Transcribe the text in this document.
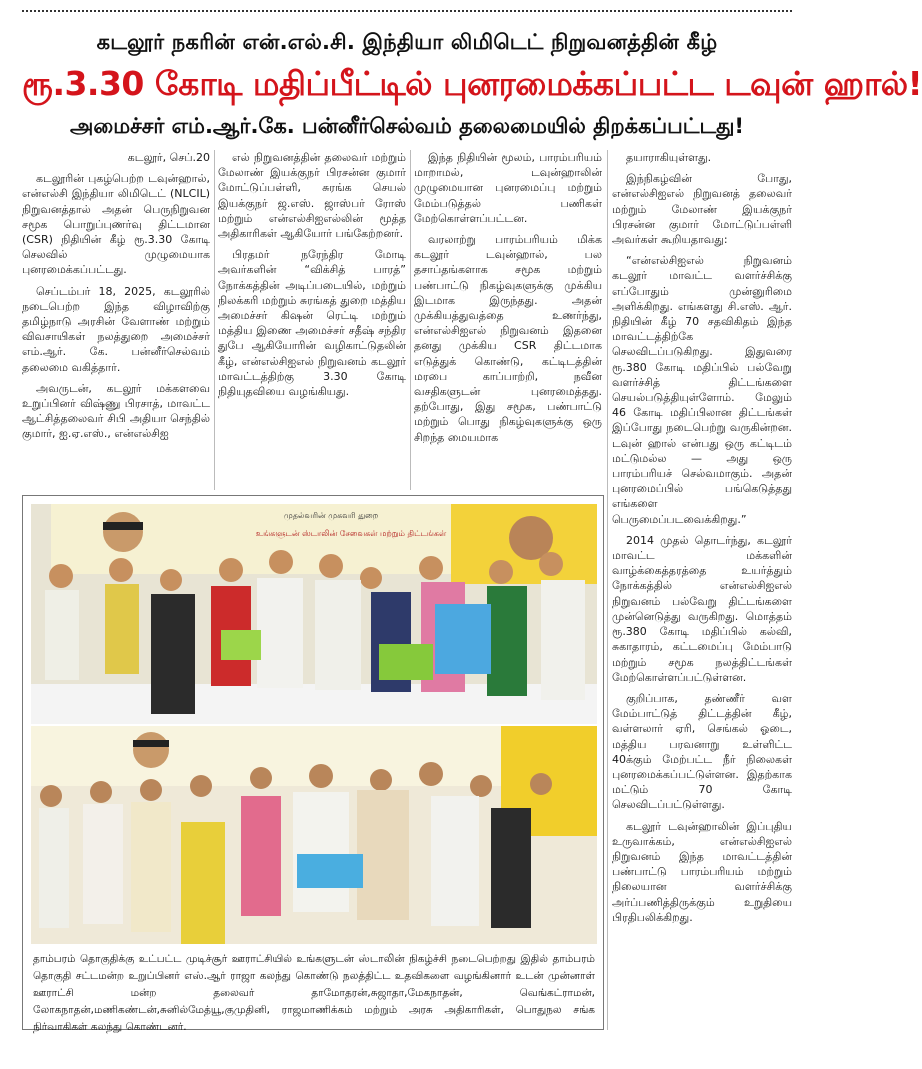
கடலூர் நகரின் என்.எல்.சி. இந்தியா லிமிடெட் நிறுவனத்தின் கீழ்
ரூ.3.30 கோடி மதிப்பீட்டில் புனரமைக்கப்பட்ட டவுன் ஹால்!
அமைச்சர் எம்.ஆர்.கே. பன்னீர்செல்வம் தலைமையில் திறக்கப்பட்டது!

கடலூர், செப்.20

கடலூரின் புகழ்பெற்ற டவுன்ஹால், என்எல்சி இந்தியா லிமிடெட் (NLCIL) நிறுவனத்தால் அதன் பெருநிறுவன சமூக பொறுப்புணர்வு திட்டமான (CSR) நிதியின் கீழ் ரூ.3.30 கோடி செலவில் முழுமையாக புனரமைக்கப்பட்டது.

செப்டம்பர் 18, 2025, கடலூரில் நடைபெற்ற இந்த விழாவிற்கு தமிழ்நாடு அரசின் வேளாண் மற்றும் விவசாயிகள் நலத்துறை அமைச்சர் எம்.ஆர். கே. பன்னீர்செல்வம் தலைமை வகித்தார்.

அவருடன், கடலூர் மக்களவை உறுப்பினர் விஷ்ணு பிரசாத், மாவட்ட ஆட்சித்தலைவர் சிபி அதியா செந்தில் குமார், ஐ.ஏ.எஸ்., என்எல்சிஐ

எல் நிறுவனத்தின் தலைவர் மற்றும் மேலாண் இயக்குநர் பிரசன்ன குமார் மோட்டுப்பள்ளி, சுரங்க செயல் இயக்குநர் ஜ.எஸ். ஜாஸ்பர் ரோஸ் மற்றும் என்எல்சிஐஎல்லின் மூத்த அதிகாரிகள் ஆகியோர் பங்கேற்றனர்.

பிரதமர் நரேந்திர மோடி அவர்களின் “விக்சித் பாரத்” நோக்கத்தின் அடிப்படையில், மற்றும் நிலக்கரி மற்றும் சுரங்கத் துறை மத்திய அமைச்சர் கிஷன் ரெட்டி மற்றும் மத்திய இணை அமைச்சர் சதீஷ் சந்திர துபே ஆகியோரின் வழிகாட்டுதலின் கீழ், என்எல்சிஐஎல் நிறுவனம் கடலூர் மாவட்டத்திற்கு 3.30 கோடி நிதியுதவியை வழங்கியது.

இந்த நிதியின் மூலம், பாரம்பரியம் மாறாமல், டவுன்ஹாலின் முழுமையான புனரமைப்பு மற்றும் மேம்படுத்தல் பணிகள் மேற்கொள்ளப்பட்டன.

வரலாற்று பாரம்பரியம் மிக்க கடலூர் டவுன்ஹால், பல தசாப்தங்களாக சமூக மற்றும் பண்பாட்டு நிகழ்வுகளுக்கு முக்கிய இடமாக இருந்தது. அதன் முக்கியத்துவத்தை உணர்ந்து, என்எல்சிஐஎல் நிறுவனம் இதனை தனது முக்கிய CSR திட்டமாக எடுத்துக் கொண்டு, கட்டிடத்தின் மரபை காப்பாற்றி, நவீன வசதிகளுடன் புனரமைத்தது. தற்போது, இது சமூக, பண்பாட்டு மற்றும் பொது நிகழ்வுகளுக்கு ஒரு சிறந்த மையமாக

தயாராகியுள்ளது.

இந்நிகழ்வின் போது, என்எல்சிஐஎல் நிறுவனத் தலைவர் மற்றும் மேலாண் இயக்குநர் பிரசன்ன குமார் மோட்டுப்பள்ளி அவர்கள் கூறியதாவது:

“என்எல்சிஐஎல் நிறுவனம் கடலூர் மாவட்ட வளர்ச்சிக்கு எப்போதும் முன்னுரிமை அளிக்கிறது. எங்களது சி.எஸ். ஆர். நிதியின் கீழ் 70 சதவிகிதம் இந்த மாவட்டத்திற்கே செலவிடப்படுகிறது. இதுவரை ரூ.380 கோடி மதிப்பில் பல்வேறு வளர்ச்சித் திட்டங்களை செயல்படுத்தியுள்ளோம். மேலும் 46 கோடி மதிப்பிலான திட்டங்கள் இப்போது நடைபெற்று வருகின்றன. டவுன் ஹால் என்பது ஒரு கட்டிடம் மட்டுமல்ல — அது ஒரு பாரம்பரியச் செல்வமாகும். அதன் புனரமைப்பில் பங்கெடுத்தது எங்களை பெருமைப்படவைக்கிறது.”

2014 முதல் தொடர்ந்து, கடலூர் மாவட்ட மக்களின் வாழ்க்கைத்தரத்தை உயர்த்தும் நோக்கத்தில் என்எல்சிஐஎல் நிறுவனம் பல்வேறு திட்டங்களை முன்னெடுத்து வருகிறது. மொத்தம் ரூ.380 கோடி மதிப்பில் கல்வி, சுகாதாரம், கட்டமைப்பு மேம்பாடு மற்றும் சமூக நலத்திட்டங்கள் மேற்கொள்ளப்பட்டுள்ளன.

குறிப்பாக, தண்ணீர் வள மேம்பாட்டுத் திட்டத்தின் கீழ், வள்ளலார் ஏரி, செங்கல் ஓடை, மத்திய பரவனாறு உள்ளிட்ட 40க்கும் மேற்பட்ட நீர் நிலைகள் புனரமைக்கப்பட்டுள்ளன. இதற்காக மட்டும் 70 கோடி செலவிடப்பட்டுள்ளது.

கடலூர் டவுன்ஹாலின் இப்புதிய உருவாக்கம், என்எல்சிஐஎல் நிறுவனம் இந்த மாவட்டத்தின் பண்பாட்டு பாரம்பரியம் மற்றும் நிலையான வளர்ச்சிக்கு அர்ப்பணித்திருக்கும் உறுதியை பிரதிபலிக்கிறது.

முதல்வரின் முகவரி துறை
உங்களுடன் ஸ்டாலின் சேவைகள் மற்றும் திட்டங்கள்

தாம்பரம் தொகுதிக்கு உட்பட்ட முடிச்சூர் ஊராட்சியில் உங்களுடன் ஸ்டாலின் நிகழ்ச்சி நடைபெற்றது இதில் தாம்பரம் தொகுதி சட்டமன்ற உறுப்பினர் எஸ்.ஆர் ராஜா கலந்து கொண்டு நலத்திட்ட உதவிகளை வழங்கினார் உடன் முன்னாள் ஊராட்சி மன்ற தலைவர் தாமோதரன்,சுஜாதா,மேகநாதன், வெங்கட்ராமன், லோகநாதன்,மணிகண்டன்,சுனில்மேத்யூ,குமுதினி, ராஜமாணிக்கம் மற்றும் அரசு அதிகாரிகள், பொதுநல சங்க நிர்வாகிகள் கலந்து கொண்டனர்.
